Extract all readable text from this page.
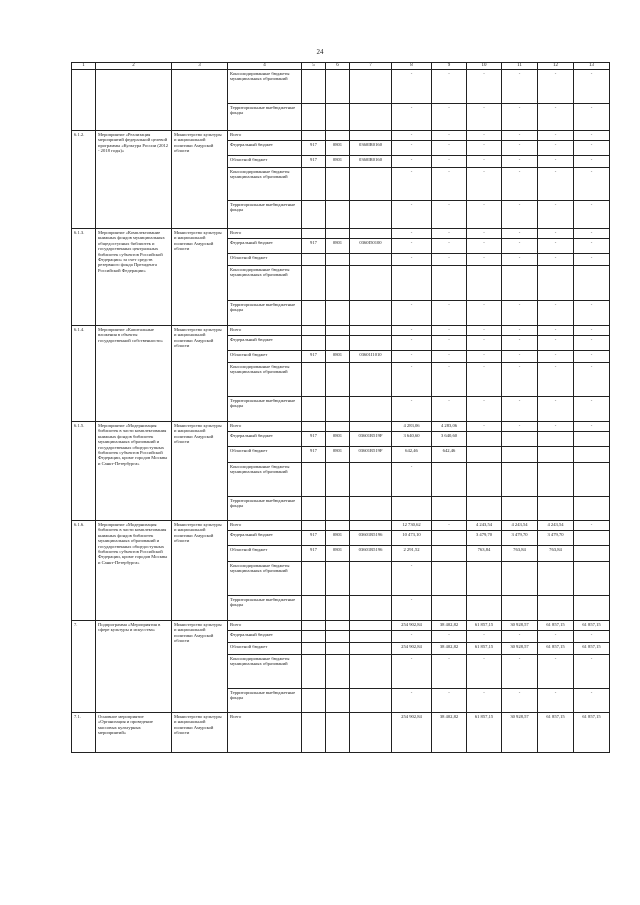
24
1	2	3	4	5	6	7	8	9	10	11	12	13
			Консолидированные бюджеты муниципальных образований				-	-	-	-	-	-
			Территориальные внебюджетные фонды				-	-	-	-	-	-
6.1.2.	Мероприятие «Реализация мероприятий федеральной целевой программы «Культура России (2012 - 2018 годы)»	Министерство культуры и национальной политики Амурской области	Всего				-	-	-	-	-	-
			Федеральный бюджет	917	0801	0360IR0160	-	-	-	-	-	-
			Областной бюджет	917	0801	0360IR0160	-	-	-	-	-	-
			Консолидированные бюджеты муниципальных образований				-	-	-	-	-	-
			Территориальные внебюджетные фонды				-	-	-	-	-	-
6.1.3.	Мероприятие «Комплектование книжных фондов муниципальных общедоступных библиотек и государственных центральных библиотек субъектов Российской Федерации» за счет средств резервного фонда Президента Российской Федерации»	Министерство культуры и национальной политики Амурской области	Всего				-	-	-	-	-	-
			Федеральный бюджет	917	0801	0360I50100	-	-	-	-	-	-
			Областной бюджет				-	-	-	-	-	-
			Консолидированные бюджеты муниципальных образований									
			Территориальные внебюджетные фонды				-	-	-	-	-	-
6.1.4.	Мероприятие «Капитальные вложения в объекты государственной собственности»	Министерство культуры и национальной политики Амурской области	Всего				-	-	-	-	-	-
			Федеральный бюджет				-	-	-	-	-	-
			Областной бюджет	917	0801	03601I1010	-	-	-	-	-	-
			Консолидированные бюджеты муниципальных образований				-	-	-	-	-	-
			Территориальные внебюджетные фонды				-	-	-	-	-	-
6.1.5.	Мероприятие «Модернизация библиотек в части комплектования книжных фондов библиотек муниципальных образований и государственных общедоступных библиотек субъектов Российской Федерации, кроме городов Москвы и Санкт-Петербурга»	Министерство культуры и национальной политики Амурской области	Всего				4 283,06	4 283,06	-	-	-	-
			Федеральный бюджет	917	0801	03601R519F	3 640,60	3 640,60				
			Областной бюджет	917	0801	03601R519F	642,46	642,46				
			Консолидированные бюджеты муниципальных образований				-					
			Территориальные внебюджетные фонды									
6.1.6.	Мероприятие «Модернизация библиотек в части комплектования книжных фондов библиотек муниципальных образований и государственных общедоступных библиотек субъектов Российской Федерации, кроме городов Москвы и Санкт-Петербурга»	Министерство культуры и национальной политики Амурской области	Всего				12 730,62	-	4 243,54	4 243,54	4 243,54	-
			Федеральный бюджет	917	0801	03601R5196	10 473,10		3 479,70	3 479,70	3 479,70	
			Областной бюджет	917	0801	03601R5196	2 291,52		763,84	763,84	763,84	
			Консолидированные бюджеты муниципальных образований				-					
			Территориальные внебюджетные фонды				-					
7.	Подпрограмма «Мероприятия в сфере культуры и искусства»	Министерство культуры и национальной политики Амурской области	Всего				254 902,84	38 402,82	61 857,15	30 928,57	61 857,15	61 857,15
			Федеральный бюджет				-	-	-	-	-	-
			Областной бюджет				254 902,84	38 402,82	61 857,15	30 928,57	61 857,15	61 857,15
			Консолидированные бюджеты муниципальных образований				-	-	-	-	-	-
			Территориальные внебюджетные фонды				-	-	-	-	-	-
7.1.	Основное мероприятие «Организация и проведение массовых культурных мероприятий»	Министерство культуры и национальной политики Амурской области	Всего				254 902,84	38 402,82	61 857,15	30 928,57	61 857,15	61 857,15
